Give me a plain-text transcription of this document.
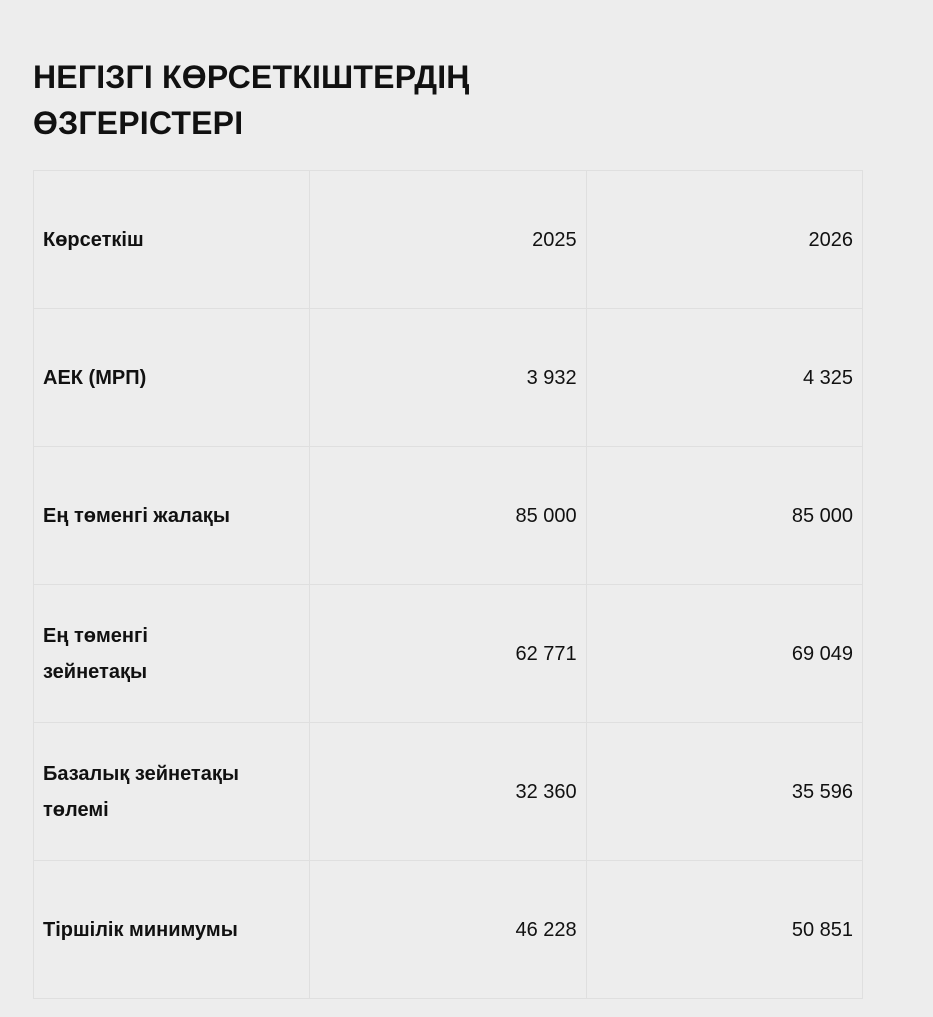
НЕГІЗГІ КӨРСЕТКІШТЕРДІҢ ӨЗГЕРІСТЕРІ
Көрсеткіш	2025	2026
АЕК (МРП)	3 932	4 325
Ең төменгі жалақы	85 000	85 000
Ең төменгі зейнетақы	62 771	69 049
Базалық зейнетақы төлемі	32 360	35 596
Тіршілік минимумы	46 228	50 851
